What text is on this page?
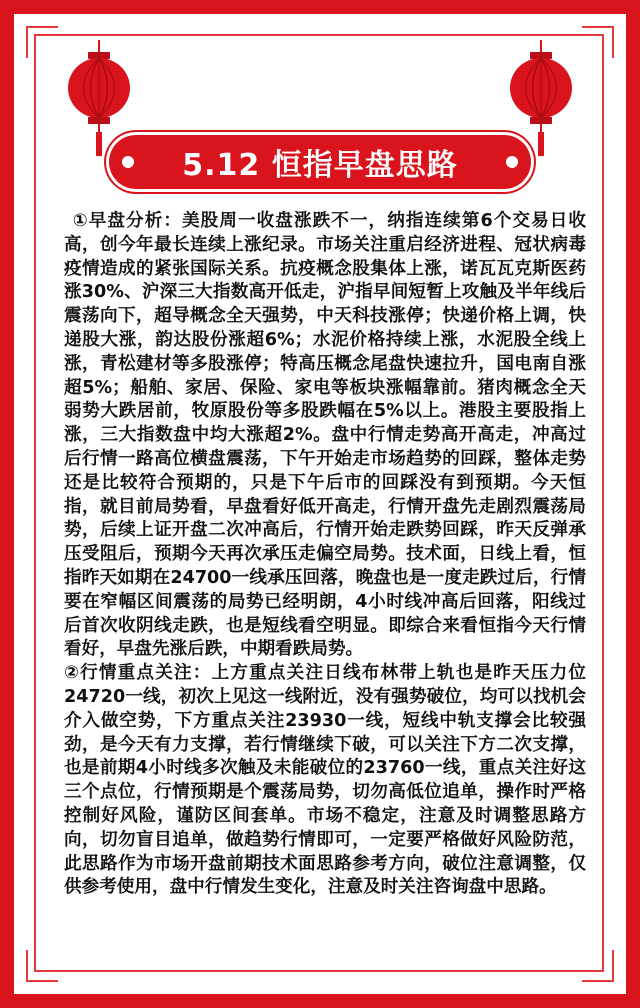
5.12 恒指早盘思路

①早盘分析：美股周一收盘涨跌不一，纳指连续第6个交易日收高，创今年最长连续上涨纪录。市场关注重启经济进程、冠状病毒疫情造成的紧张国际关系。抗疫概念股集体上涨，诺瓦瓦克斯医药涨30%、沪深三大指数高开低走，沪指早间短暂上攻触及半年线后震荡向下，超导概念全天强势，中天科技涨停；快递价格上调，快递股大涨，韵达股份涨超6%；水泥价格持续上涨，水泥股全线上涨，青松建材等多股涨停；特高压概念尾盘快速拉升，国电南自涨超5%；船舶、家居、保险、家电等板块涨幅靠前。猪肉概念全天弱势大跌居前，牧原股份等多股跌幅在5%以上。港股主要股指上涨，三大指数盘中均大涨超2%。盘中行情走势高开高走，冲高过后行情一路高位横盘震荡，下午开始走市场趋势的回踩，整体走势还是比较符合预期的，只是下午后市的回踩没有到预期。今天恒指，就目前局势看，早盘看好低开高走，行情开盘先走剧烈震荡局势，后续上证开盘二次冲高后，行情开始走跌势回踩，昨天反弹承压受阻后，预期今天再次承压走偏空局势。技术面，日线上看，恒指昨天如期在24700一线承压回落，晚盘也是一度走跌过后，行情要在窄幅区间震荡的局势已经明朗，4小时线冲高后回落，阳线过后首次收阴线走跌，也是短线看空明显。即综合来看恒指今天行情看好，早盘先涨后跌，中期看跌局势。

②行情重点关注：上方重点关注日线布林带上轨也是昨天压力位24720一线，初次上见这一线附近，没有强势破位，均可以找机会介入做空势，下方重点关注23930一线，短线中轨支撑会比较强劲，是今天有力支撑，若行情继续下破，可以关注下方二次支撑，也是前期4小时线多次触及未能破位的23760一线，重点关注好这三个点位，行情预期是个震荡局势，切勿高低位追单，操作时严格控制好风险，谨防区间套单。市场不稳定，注意及时调整思路方向，切勿盲目追单，做趋势行情即可，一定要严格做好风险防范，此思路作为市场开盘前期技术面思路参考方向，破位注意调整，仅供参考使用，盘中行情发生变化，注意及时关注咨询盘中思路。
